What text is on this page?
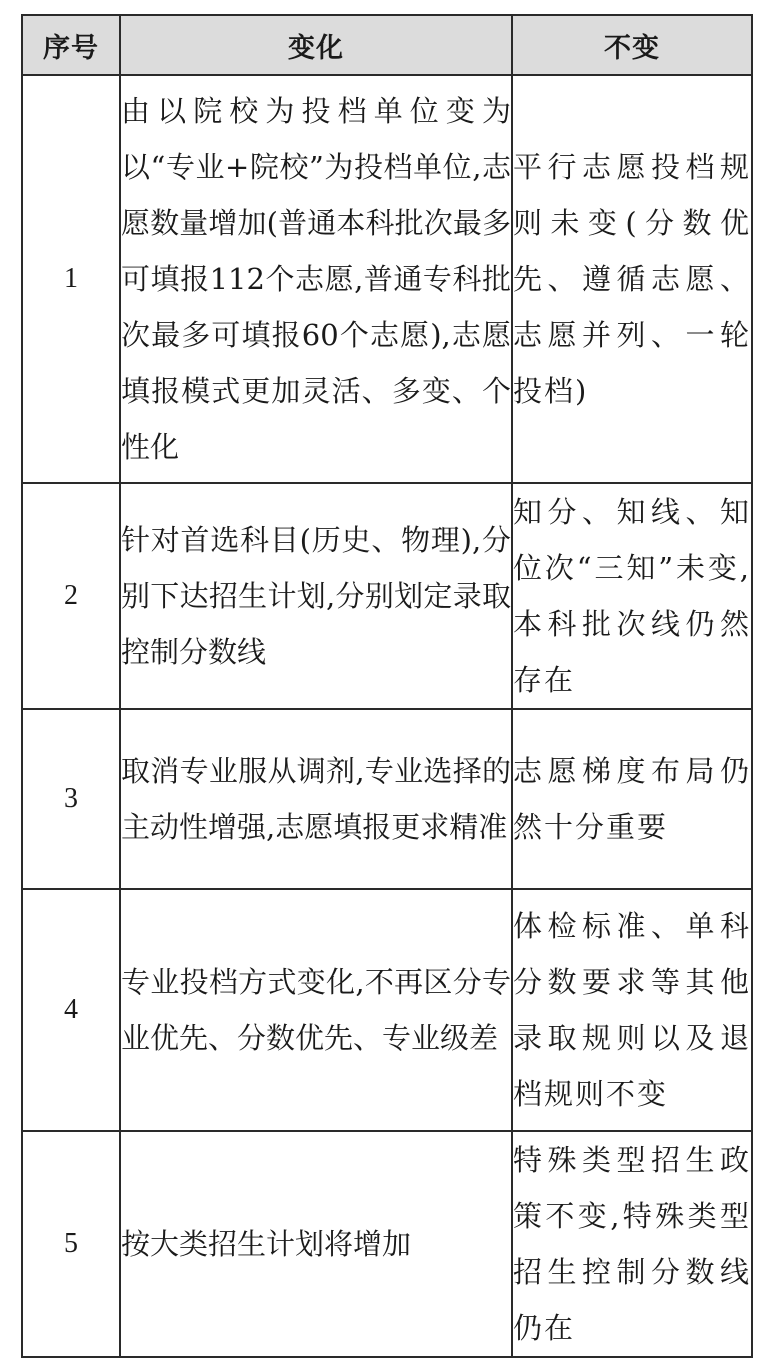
序号	变化	不变
1	由以院校为投档单位变为以“专业+院校”为投档单位,志愿数量增加(普通本科批次最多可填报112个志愿,普通专科批次最多可填报60个志愿),志愿填报模式更加灵活、多变、个性化	平行志愿投档规则未变(分数优先、遵循志愿、志愿并列、一轮投档)
2	针对首选科目(历史、物理),分别下达招生计划,分别划定录取控制分数线	知分、知线、知位次“三知”未变,本科批次线仍然存在
3	取消专业服从调剂,专业选择的主动性增强,志愿填报更求精准	志愿梯度布局仍然十分重要
4	专业投档方式变化,不再区分专业优先、分数优先、专业级差	体检标准、单科分数要求等其他录取规则以及退档规则不变
5	按大类招生计划将增加	特殊类型招生政策不变,特殊类型招生控制分数线仍在
